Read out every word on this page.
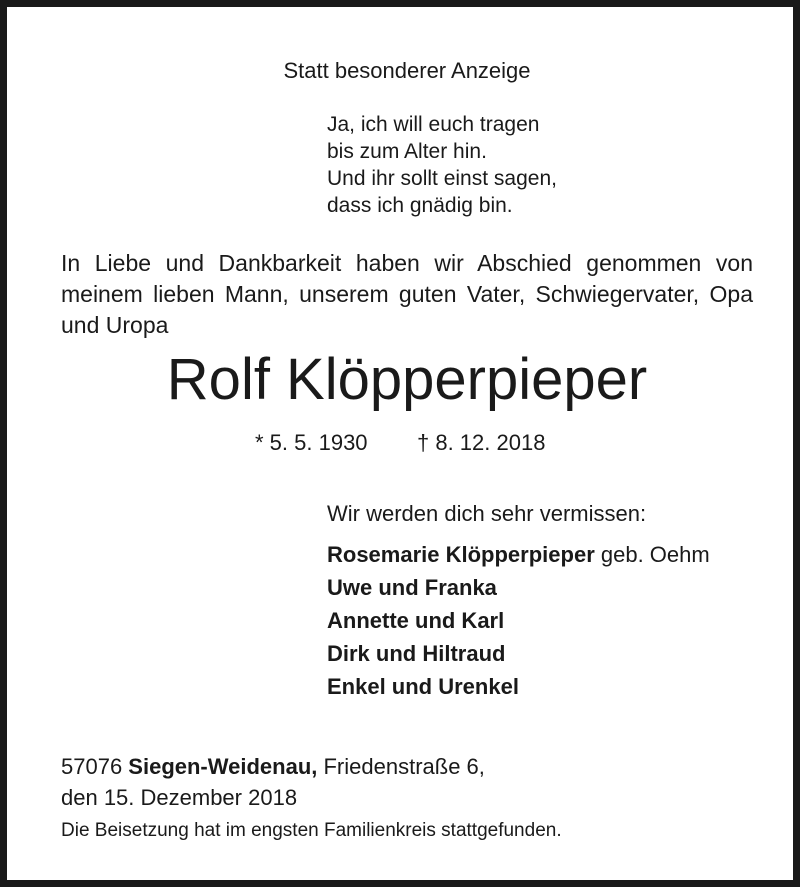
Statt besonderer Anzeige
Ja, ich will euch tragen
bis zum Alter hin.
Und ihr sollt einst sagen,
dass ich gnädig bin.
In Liebe und Dankbarkeit haben wir Abschied genommen von meinem lieben Mann, unserem guten Vater, Schwiegervater, Opa und Uropa
Rolf Klöpperpieper
* 5. 5. 1930 † 8. 12. 2018
Wir werden dich sehr vermissen:
Rosemarie Klöpperpieper geb. Oehm
Uwe und Franka
Annette und Karl
Dirk und Hiltraud
Enkel und Urenkel
57076 Siegen-Weidenau, Friedenstraße 6,
den 15. Dezember 2018
Die Beisetzung hat im engsten Familienkreis stattgefunden.
